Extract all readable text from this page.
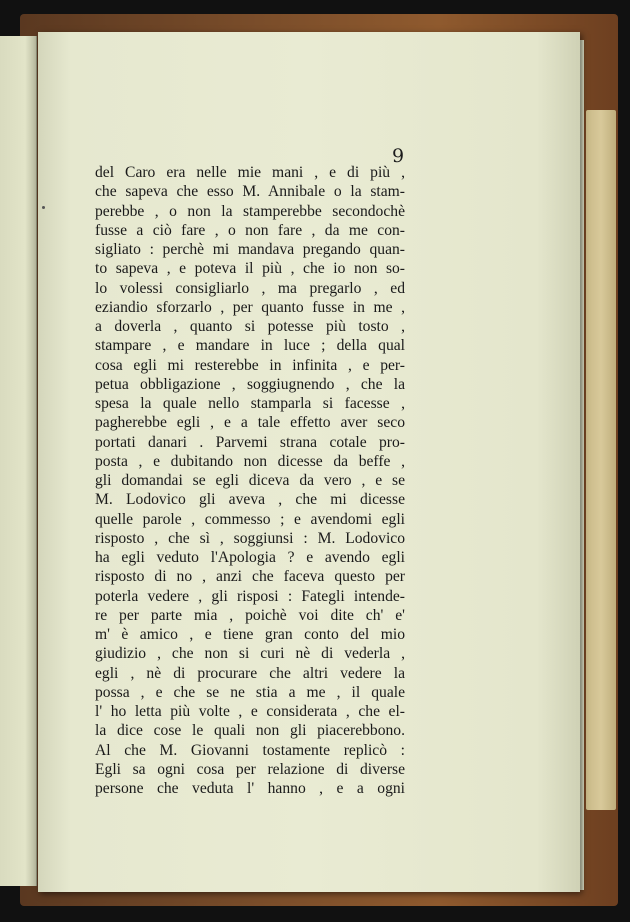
9
del Caro era nelle mie mani , e di più ,
che sapeva che esso M. Annibale o la stam-
perebbe , o non la stamperebbe secondochè
fusse a ciò fare , o non fare , da me con-
sigliato : perchè mi mandava pregando quan-
to sapeva , e poteva il più , che io non so-
lo volessi consigliarlo , ma pregarlo , ed
eziandio sforzarlo , per quanto fusse in me ,
a doverla , quanto si potesse più tosto ,
stampare , e mandare in luce ; della qual
cosa egli mi resterebbe in infinita , e per-
petua obbligazione , soggiugnendo , che la
spesa la quale nello stamparla si facesse ,
pagherebbe egli , e a tale effetto aver seco
portati danari . Parvemi strana cotale pro-
posta , e dubitando non dicesse da beffe ,
gli domandai se egli diceva da vero , e se
M. Lodovico gli aveva , che mi dicesse
quelle parole , commesso ; e avendomi egli
risposto , che sì , soggiunsi : M. Lodovico
ha egli veduto l'Apologia ? e avendo egli
risposto di no , anzi che faceva questo per
poterla vedere , gli risposi : Fategli intende-
re per parte mia , poichè voi dite ch' e'
m' è amico , e tiene gran conto del mio
giudizio , che non si curi nè di vederla ,
egli , nè di procurare che altri vedere la
possa , e che se ne stia a me , il quale
l' ho letta più volte , e considerata , che el-
la dice cose le quali non gli piacerebbono.
Al che M. Giovanni tostamente replicò :
Egli sa ogni cosa per relazione di diverse
persone che veduta l' hanno , e a ogni
